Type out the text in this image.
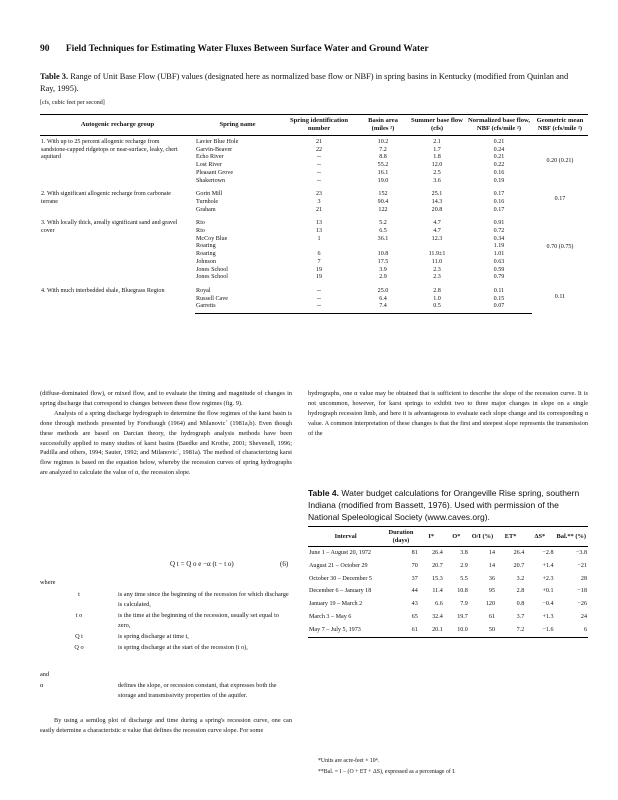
90 Field Techniques for Estimating Water Fluxes Between Surface Water and Ground Water
Table 3. Range of Unit Base Flow (UBF) values (designated here as normalized base flow or NBF) in spring basins in Kentucky (modified from Quinlan and Ray, 1995).
[cfs, cubic feet per second]
Autogenic recharge group	Spring name	Spring identification number	Basin area (miles ²)	Summer base flow (cfs)	Normalized base flow, NBF (cfs/mile ²)	Geometric mean NBF (cfs/mile ²)
1. With up to 25 percent allogenic recharge from sandstone-capped ridgetops or near-surface, leaky, chert aquitard	Lavier Blue Hole	21	10.2	2.1	0.21	0.20 (0.21)
	Garvin-Beaver	22	7.2	1.7	0.24	
	Echo River	--	8.8	1.8	0.21	
	Lost River	--	55.2	12.0	0.22	
	Pleasant Grove	--	16.1	2.5	0.16	
	Shakertown	--	19.0	3.6	0.19	
2. With significant allogenic recharge from carbonate terrane	Gorin Mill	23	152	25.1	0.17	0.17
	Turnhole	3	90.4	14.3	0.16	
	Graham	21	122	20.8	0.17	
3. With locally thick, areally significant sand and gravel cover	Rio	13	5.2	4.7	0.91	0.70 (0.75)
	Rio	13	6.5	4.7	0.72	
	McCoy Blue	1	36.1	12.3	0.34	
	Roaring				1.19	
	Roaring	6	10.8	11.9±1	1.01	
	Johnson	7	17.5	11.0	0.63	
	Jones School	19	3.9	2.3	0.59	
	Jones School	19	2.9	2.3	0.79	
4. With much interbedded shale, Bluegrass Region	Royal	--	25.0	2.8	0.11	0.11
	Russell Cave	--	6.4	1.0	0.15	
	Garretts	--	7.4	0.5	0.07	

(diffuse-dominated flow), or mixed flow, and to evaluate the timing and magnitude of changes in spring discharge that correspond to changes between these flow regimes (fig. 9).

Analysis of a spring discharge hydrograph to determine the flow regimes of the karst basin is done through methods presented by Forstbaugh (1964) and Milanovic´ (1981a,b). Even though these methods are based on Darcian theory, the hydrograph analysis methods have been successfully applied to many studies of karst basins (Baedke and Krothe, 2001; Shevenell, 1996; Padilla and others, 1994; Sauter, 1992; and Milanovic´, 1981a). The method of characterizing karst flow regimes is based on the equation below, whereby the recession curves of spring hydrographs are analyzed to calculate the value of α, the recession slope.

Q t = Q o e −α (t − t o)	(6)
where
t	is any time since the beginning of the recession for which discharge is calculated,
t o	is the time at the beginning of the recession, usually set equal to zero,
Q t	is spring discharge at time t,
Q o	is spring discharge at the start of the recession (t o),
and
α	defines the slope, or recession constant, that expresses both the storage and transmissivity properties of the aquifer.
By using a semilog plot of discharge and time during a spring's recession curve, one can easily determine a characteristic α value that defines the recession curve slope. For some

hydrographs, one α value may be obtained that is sufficient to describe the slope of the recession curve. It is not uncommon, however, for karst springs to exhibit two to three major changes in slope on a single hydrograph recession limb, and here it is advantageous to evaluate each slope change and its corresponding α value. A common interpretation of these changes is that the first and steepest slope represents the transmission of the

Table 4. Water budget calculations for Orangeville Rise spring, southern Indiana (modified from Bassett, 1976). Used with permission of the National Speleological Society (www.caves.org).
Interval	Duration (days)	I*	O*	O/I (%)	ET*	ΔS*	Bal.** (%)
June 1 – August 20, 1972	81	26.4	3.8	14	26.4	−2.8	−3.8
August 21 – October 29	70	20.7	2.9	14	20.7	+1.4	−21
October 30 – December 5	37	15.3	5.5	36	3.2	+2.3	28
December 6 – January 18	44	11.4	10.8	95	2.8	+0.1	−18
January 19 – March 2	43	6.6	7.9	120	0.8	−0.4	−26
March 3 – May 6	65	32.4	19.7	61	3.7	+1.3	24
May 7 – July 5, 1973	61	20.1	10.0	50	7.2	−1.6	6
*Units are acre-feet × 10⁴.
**Bal. = I − (O + ET + ΔS), expressed as a percentage of I.
